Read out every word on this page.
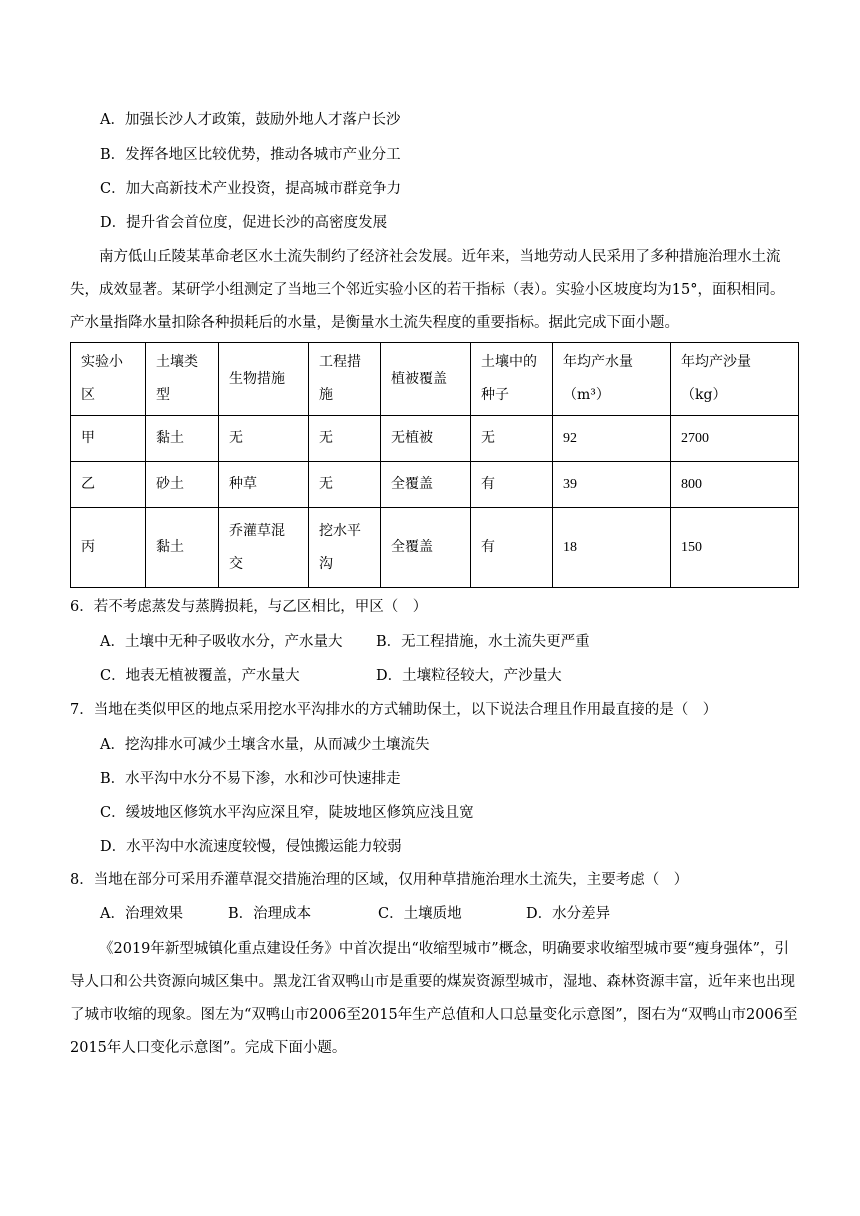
A．加强长沙人才政策，鼓励外地人才落户长沙
B．发挥各地区比较优势，推动各城市产业分工
C．加大高新技术产业投资，提高城市群竞争力
D．提升省会首位度，促进长沙的高密度发展
南方低山丘陵某革命老区水土流失制约了经济社会发展。近年来，当地劳动人民采用了多种措施治理水土流失，成效显著。某研学小组测定了当地三个邻近实验小区的若干指标（表）。实验小区坡度均为15°，面积相同。产水量指降水量扣除各种损耗后的水量，是衡量水土流失程度的重要指标。据此完成下面小题。
实验小区	土壤类型	生物措施	工程措施	植被覆盖	土壤中的种子	年均产水量（m³）	年均产沙量（kg）
甲	黏土	无	无	无植被	无	92	2700
乙	砂土	种草	无	全覆盖	有	39	800
丙	黏土	乔灌草混交	挖水平沟	全覆盖	有	18	150
6．若不考虑蒸发与蒸腾损耗，与乙区相比，甲区（　）
A．土壤中无种子吸收水分，产水量大	B．无工程措施，水土流失更严重
C．地表无植被覆盖，产水量大	D．土壤粒径较大，产沙量大
7．当地在类似甲区的地点采用挖水平沟排水的方式辅助保土，以下说法合理且作用最直接的是（　）
A．挖沟排水可减少土壤含水量，从而减少土壤流失
B．水平沟中水分不易下渗，水和沙可快速排走
C．缓坡地区修筑水平沟应深且窄，陡坡地区修筑应浅且宽
D．水平沟中水流速度较慢，侵蚀搬运能力较弱
8．当地在部分可采用乔灌草混交措施治理的区域，仅用种草措施治理水土流失，主要考虑（　）
A．治理效果	B．治理成本	C．土壤质地	D．水分差异
《2019年新型城镇化重点建设任务》中首次提出“收缩型城市”概念，明确要求收缩型城市要“瘦身强体”，引导人口和公共资源向城区集中。黑龙江省双鸭山市是重要的煤炭资源型城市，湿地、森林资源丰富，近年来也出现了城市收缩的现象。图左为“双鸭山市2006至2015年生产总值和人口总量变化示意图”，图右为“双鸭山市2006至2015年人口变化示意图”。完成下面小题。
